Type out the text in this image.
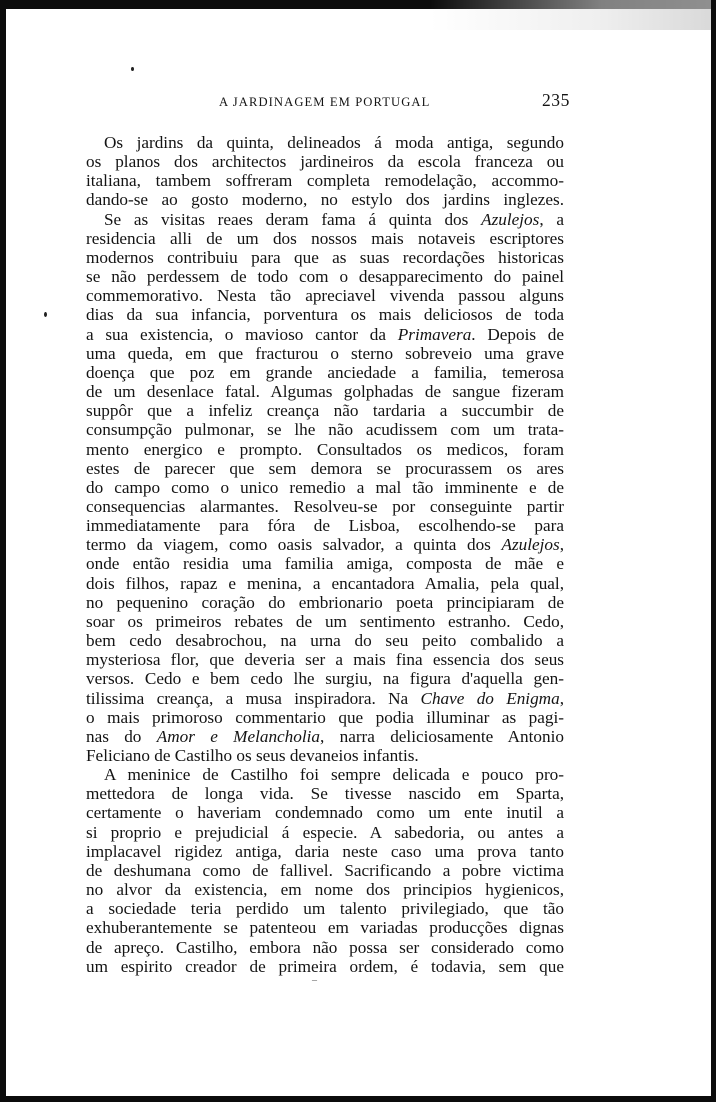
A JARDINAGEM EM PORTUGAL	235
Os jardins da quinta, delineados á moda antiga, segundo
os planos dos architectos jardineiros da escola franceza ou
italiana, tambem soffreram completa remodelação, accommo-
dando-se ao gosto moderno, no estylo dos jardins inglezes.
Se as visitas reaes deram fama á quinta dos Azulejos, a
residencia alli de um dos nossos mais notaveis escriptores
modernos contribuiu para que as suas recordações historicas
se não perdessem de todo com o desapparecimento do painel
commemorativo. Nesta tão apreciavel vivenda passou alguns
dias da sua infancia, porventura os mais deliciosos de toda
a sua existencia, o mavioso cantor da Primavera. Depois de
uma queda, em que fracturou o sterno sobreveio uma grave
doença que poz em grande anciedade a familia, temerosa
de um desenlace fatal. Algumas golphadas de sangue fizeram
suppôr que a infeliz creança não tardaria a succumbir de
consumpção pulmonar, se lhe não acudissem com um trata-
mento energico e prompto. Consultados os medicos, foram
estes de parecer que sem demora se procurassem os ares
do campo como o unico remedio a mal tão imminente e de
consequencias alarmantes. Resolveu-se por conseguinte partir
immediatamente para fóra de Lisboa, escolhendo-se para
termo da viagem, como oasis salvador, a quinta dos Azulejos,
onde então residia uma familia amiga, composta de mãe e
dois filhos, rapaz e menina, a encantadora Amalia, pela qual,
no pequenino coração do embrionario poeta principiaram de
soar os primeiros rebates de um sentimento estranho. Cedo,
bem cedo desabrochou, na urna do seu peito combalido a
mysteriosa flor, que deveria ser a mais fina essencia dos seus
versos. Cedo e bem cedo lhe surgiu, na figura d'aquella gen-
tilissima creança, a musa inspiradora. Na Chave do Enigma,
o mais primoroso commentario que podia illuminar as pagi-
nas do Amor e Melancholia, narra deliciosamente Antonio
Feliciano de Castilho os seus devaneios infantis.
A meninice de Castilho foi sempre delicada e pouco pro-
mettedora de longa vida. Se tivesse nascido em Sparta,
certamente o haveriam condemnado como um ente inutil a
si proprio e prejudicial á especie. A sabedoria, ou antes a
implacavel rigidez antiga, daria neste caso uma prova tanto
de deshumana como de fallivel. Sacrificando a pobre victima
no alvor da existencia, em nome dos principios hygienicos,
a sociedade teria perdido um talento privilegiado, que tão
exhuberantemente se patenteou em variadas producções dignas
de apreço. Castilho, embora não possa ser considerado como
um espirito creador de primeira ordem, é todavia, sem que
–
